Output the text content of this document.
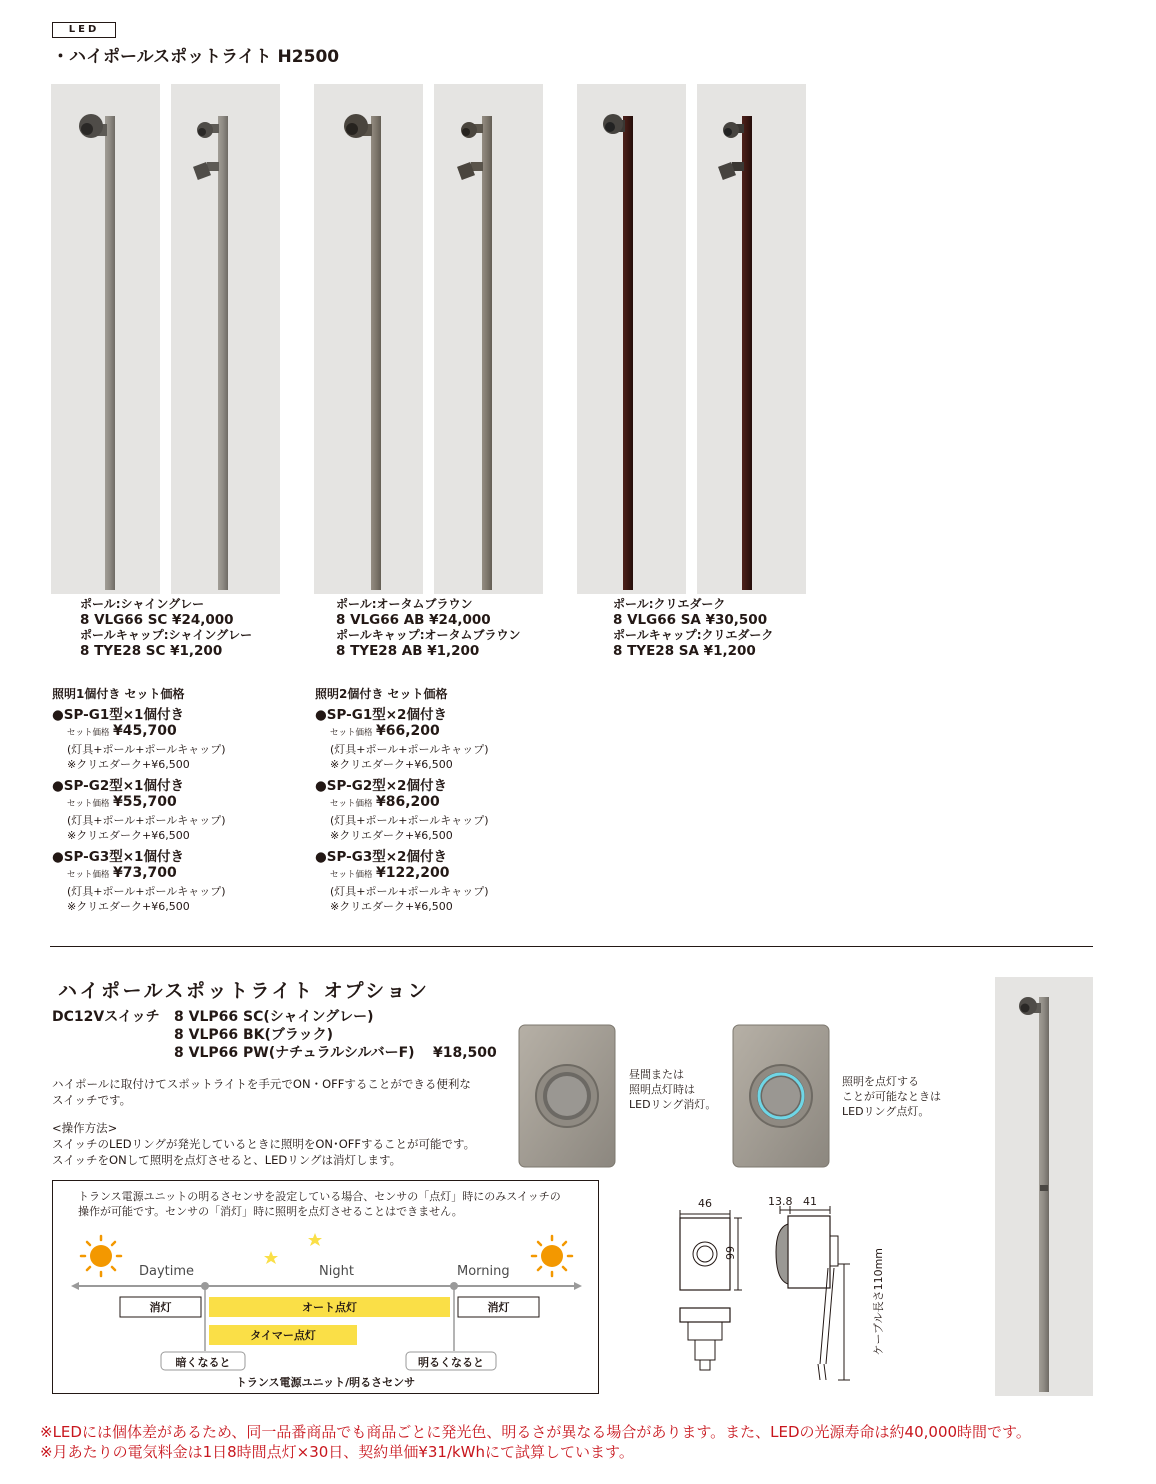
LED
・ハイポールスポットライト H2500
ポール:シャイングレー
8 VLG66 SC ¥24,000
ポールキャップ:シャイングレー
8 TYE28 SC ¥1,200
ポール:オータムブラウン
8 VLG66 AB ¥24,000
ポールキャップ:オータムブラウン
8 TYE28 AB ¥1,200
ポール:クリエダーク
8 VLG66 SA ¥30,500
ポールキャップ:クリエダーク
8 TYE28 SA ¥1,200
照明1個付き セット価格
●SP-G1型×1個付き
セット価格 ¥45,700
(灯具+ポール+ポールキャップ)
※クリエダーク+¥6,500
●SP-G2型×1個付き
セット価格 ¥55,700
(灯具+ポール+ポールキャップ)
※クリエダーク+¥6,500
●SP-G3型×1個付き
セット価格 ¥73,700
(灯具+ポール+ポールキャップ)
※クリエダーク+¥6,500
照明2個付き セット価格
●SP-G1型×2個付き
セット価格 ¥66,200
(灯具+ポール+ポールキャップ)
※クリエダーク+¥6,500
●SP-G2型×2個付き
セット価格 ¥86,200
(灯具+ポール+ポールキャップ)
※クリエダーク+¥6,500
●SP-G3型×2個付き
セット価格 ¥122,200
(灯具+ポール+ポールキャップ)
※クリエダーク+¥6,500
ハイポールスポットライト オプション
DC12Vスイッチ 8 VLP66 SC(シャイングレー)
8 VLP66 BK(ブラック)
8 VLP66 PW(ナチュラルシルバーF) ¥18,500
ハイポールに取付けてスポットライトを手元でON・OFFすることができる便利な
スイッチです。
<操作方法>
スイッチのLEDリングが発光しているときに照明をON･OFFすることが可能です。
スイッチをONして照明を点灯させると、LEDリングは消灯します。
昼間または
照明点灯時は
LEDリング消灯。
照明を点灯する
ことが可能なときは
LEDリング点灯。
トランス電源ユニットの明るさセンサを設定している場合、センサの「点灯」時にのみスイッチの
操作が可能です。センサの「消灯」時に照明を点灯させることはできません。
Daytime	Night	Morning
消灯	オート点灯	消灯
タイマー点灯
暗くなると	明るくなると
トランス電源ユニット/明るさセンサ
46
66
13.8 41
ケーブル長さ110mm
※LEDには個体差があるため、同一品番商品でも商品ごとに発光色、明るさが異なる場合があります。また、LEDの光源寿命は約40,000時間です。
※月あたりの電気料金は1日8時間点灯×30日、契約単価¥31/kWhにて試算しています。
